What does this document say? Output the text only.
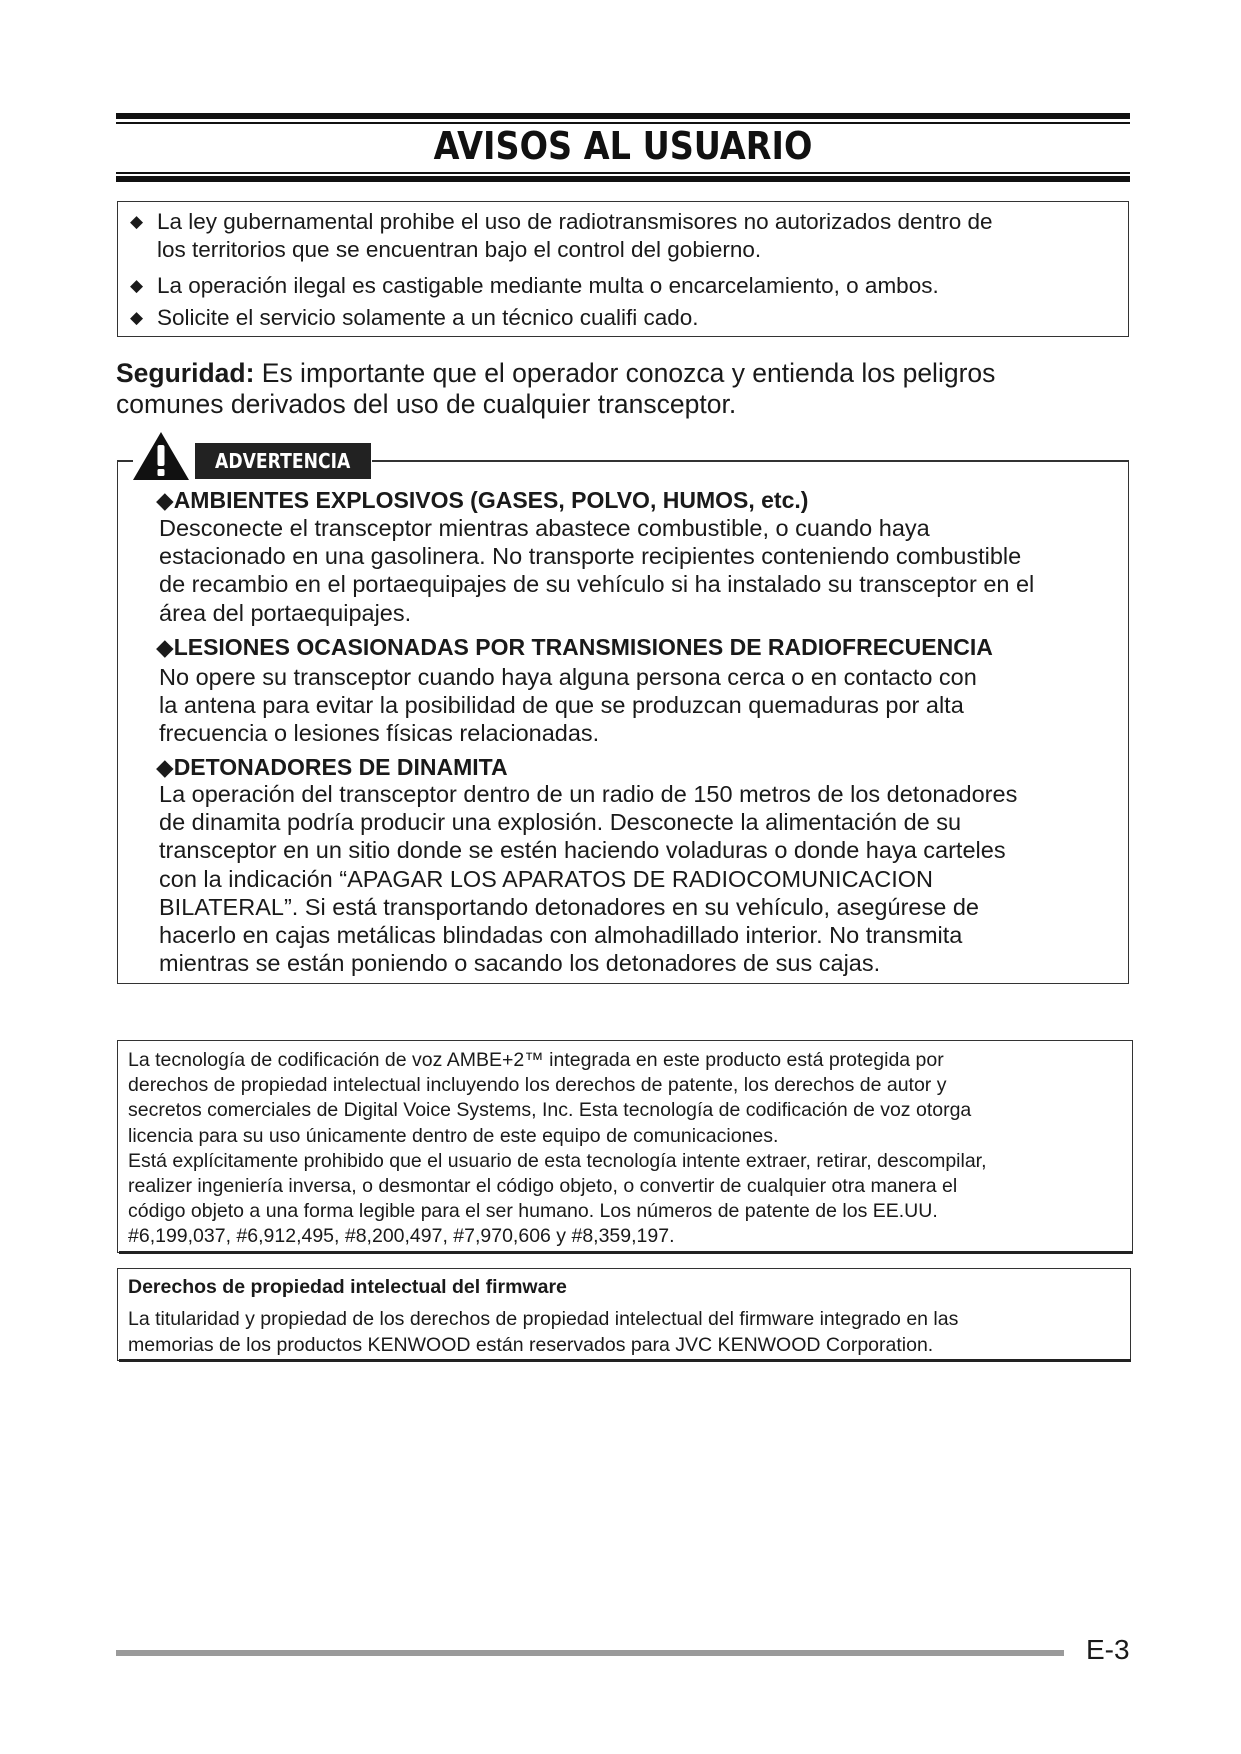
AVISOS AL USUARIO
◆ La ley gubernamental prohibe el uso de radiotransmisores no autorizados dentro de
los territorios que se encuentran bajo el control del gobierno.
◆ La operación ilegal es castigable mediante multa o encarcelamiento, o ambos.
◆ Solicite el servicio solamente a un técnico cualifi cado.
Seguridad: Es importante que el operador conozca y entienda los peligros
comunes derivados del uso de cualquier transceptor.
ADVERTENCIA
◆AMBIENTES EXPLOSIVOS (GASES, POLVO, HUMOS, etc.)
Desconecte el transceptor mientras abastece combustible, o cuando haya
estacionado en una gasolinera. No transporte recipientes conteniendo combustible
de recambio en el portaequipajes de su vehículo si ha instalado su transceptor en el
área del portaequipajes.
◆LESIONES OCASIONADAS POR TRANSMISIONES DE RADIOFRECUENCIA
No opere su transceptor cuando haya alguna persona cerca o en contacto con
la antena para evitar la posibilidad de que se produzcan quemaduras por alta
frecuencia o lesiones físicas relacionadas.
◆DETONADORES DE DINAMITA
La operación del transceptor dentro de un radio de 150 metros de los detonadores
de dinamita podría producir una explosión. Desconecte la alimentación de su
transceptor en un sitio donde se estén haciendo voladuras o donde haya carteles
con la indicación “APAGAR LOS APARATOS DE RADIOCOMUNICACION
BILATERAL”. Si está transportando detonadores en su vehículo, asegúrese de
hacerlo en cajas metálicas blindadas con almohadillado interior. No transmita
mientras se están poniendo o sacando los detonadores de sus cajas.
La tecnología de codificación de voz AMBE+2™ integrada en este producto está protegida por
derechos de propiedad intelectual incluyendo los derechos de patente, los derechos de autor y
secretos comerciales de Digital Voice Systems, Inc. Esta tecnología de codificación de voz otorga
licencia para su uso únicamente dentro de este equipo de comunicaciones.
Está explícitamente prohibido que el usuario de esta tecnología intente extraer, retirar, descompilar,
realizer ingeniería inversa, o desmontar el código objeto, o convertir de cualquier otra manera el
código objeto a una forma legible para el ser humano. Los números de patente de los EE.UU.
#6,199,037, #6,912,495, #8,200,497, #7,970,606 y #8,359,197.
Derechos de propiedad intelectual del firmware
La titularidad y propiedad de los derechos de propiedad intelectual del firmware integrado en las
memorias de los productos KENWOOD están reservados para JVC KENWOOD Corporation.
E-3
